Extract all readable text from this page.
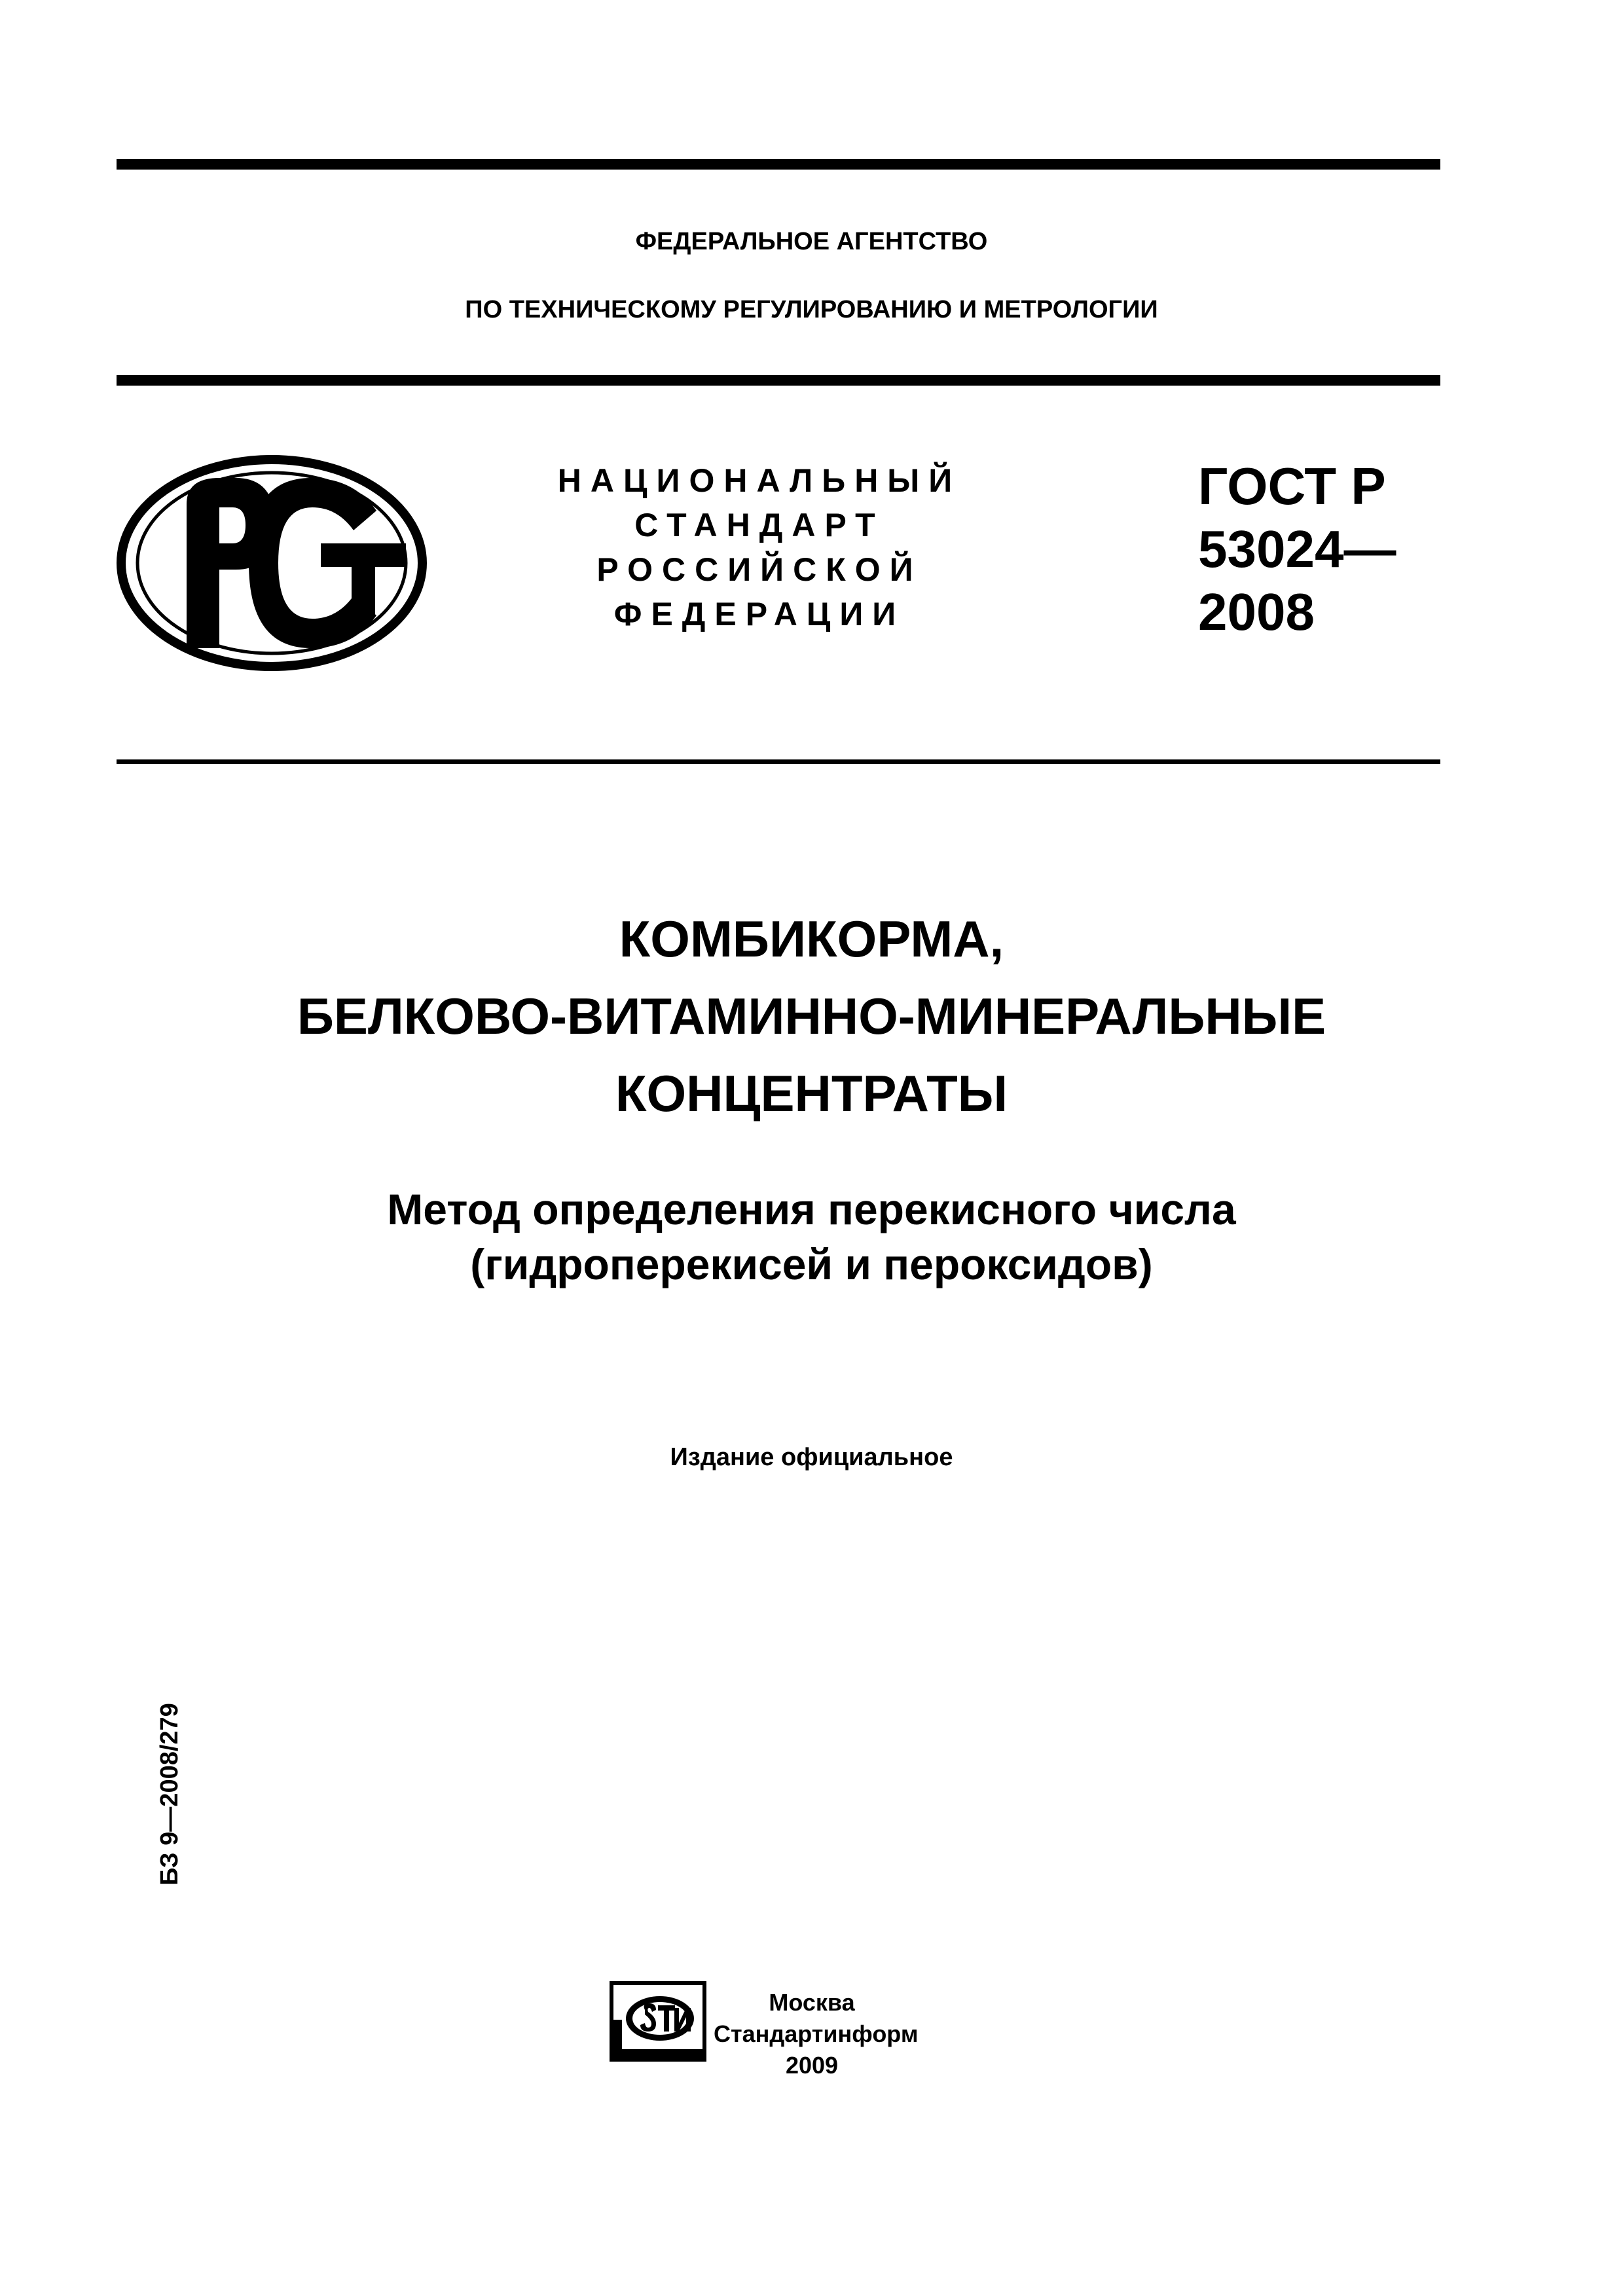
ФЕДЕРАЛЬНОЕ АГЕНТСТВО
ПО ТЕХНИЧЕСКОМУ РЕГУЛИРОВАНИЮ И МЕТРОЛОГИИ
НАЦИОНАЛЬНЫЙ
СТАНДАРТ
РОССИЙСКОЙ
ФЕДЕРАЦИИ
ГОСТ Р
53024—
2008
КОМБИКОРМА,
БЕЛКОВО-ВИТАМИННО-МИНЕРАЛЬНЫЕ
КОНЦЕНТРАТЫ
Метод определения перекисного числа
(гидроперекисей и пероксидов)
Издание официальное
БЗ 9—2008/279
Москва
Стандартинформ
2009
